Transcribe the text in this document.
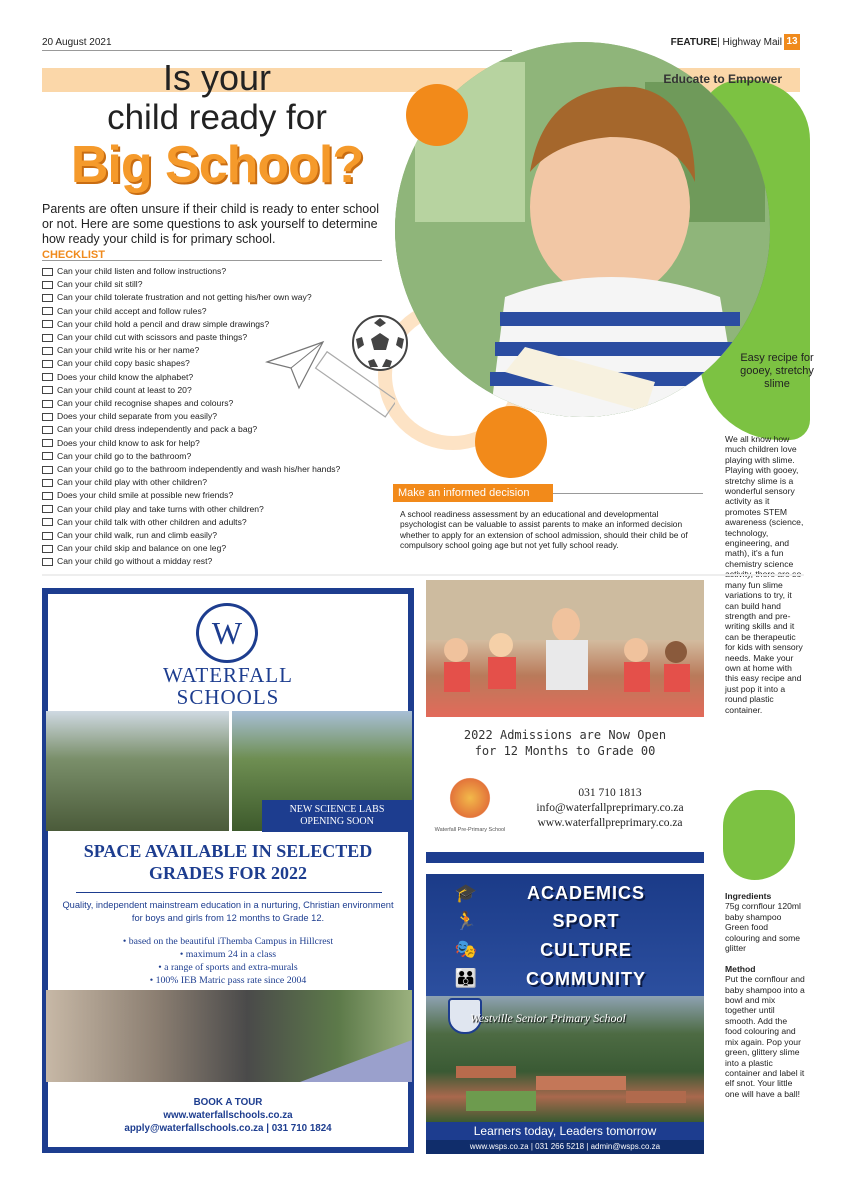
20 August 2021	FEATURE| Highway Mail 13
Educate to Empower
Is your
child ready for
Big School?
Parents are often unsure if their child is ready to enter school or not. Here are some questions to ask yourself to determine how ready your child is for primary school.
CHECKLIST
Can your child listen and follow instructions?
Can your child sit still?
Can your child tolerate frustration and not getting his/her own way?
Can your child accept and follow rules?
Can your child hold a pencil and draw simple drawings?
Can your child cut with scissors and paste things?
Can your child write his or her name?
Can your child copy basic shapes?
Does your child know the alphabet?
Can your child count at least to 20?
Can your child recognise shapes and colours?
Does your child separate from you easily?
Can your child dress independently and pack a bag?
Does your child know to ask for help?
Can your child go to the bathroom?
Can your child go to the bathroom independently and wash his/her hands?
Can your child play with other children?
Does your child smile at possible new friends?
Can your child play and take turns with other children?
Can your child talk with other children and adults?
Can your child walk, run and climb easily?
Can your child skip and balance on one leg?
Can your child go without a midday rest?
Easy recipe for gooey, stretchy slime
Make an informed decision
A school readiness assessment by an educational and developmental psychologist can be valuable to assist parents to make an informed decision whether to apply for an extension of school admission, should their child be of compulsory school going age but not yet fully school ready.
We all know how much children love playing with slime. Playing with gooey, stretchy slime is a wonderful sensory activity as it promotes STEM awareness (science, technology, engineering, and math), it's a fun chemistry science activity, there are so many fun slime variations to try, it can build hand strength and pre-writing skills and it can be therapeutic for kids with sensory needs. Make your own at home with this easy recipe and just pop it into a round plastic container.
Ingredients
75g cornflour 120ml baby shampoo Green food colouring and some glitter

Method
Put the cornflour and baby shampoo into a bowl and mix together until smooth. Add the food colouring and mix again. Pop your green, glittery slime into a plastic container and label it elf snot. Your little one will have a ball!
W
WATERFALL
SCHOOLS
NEW SCIENCE LABS
OPENING SOON
SPACE AVAILABLE IN SELECTED
GRADES FOR 2022
Quality, independent mainstream education in a nurturing, Christian environment for boys and girls from 12 months to Grade 12.
• based on the beautiful iThemba Campus in Hillcrest
• maximum 24 in a class
• a range of sports and extra-murals
• 100% IEB Matric pass rate since 2004
BOOK A TOUR
www.waterfallschools.co.za
apply@waterfallschools.co.za | 031 710 1824
2022 Admissions are Now Open
for 12 Months to Grade 00
Waterfall Pre-Primary School
031 710 1813
info@waterfallpreprimary.co.za
www.waterfallpreprimary.co.za
🎓
🏃
🎭
👪
ACADEMICS
SPORT
CULTURE
COMMUNITY
Westville Senior Primary School
Learners today, Leaders tomorrow
www.wsps.co.za | 031 266 5218 | admin@wsps.co.za
